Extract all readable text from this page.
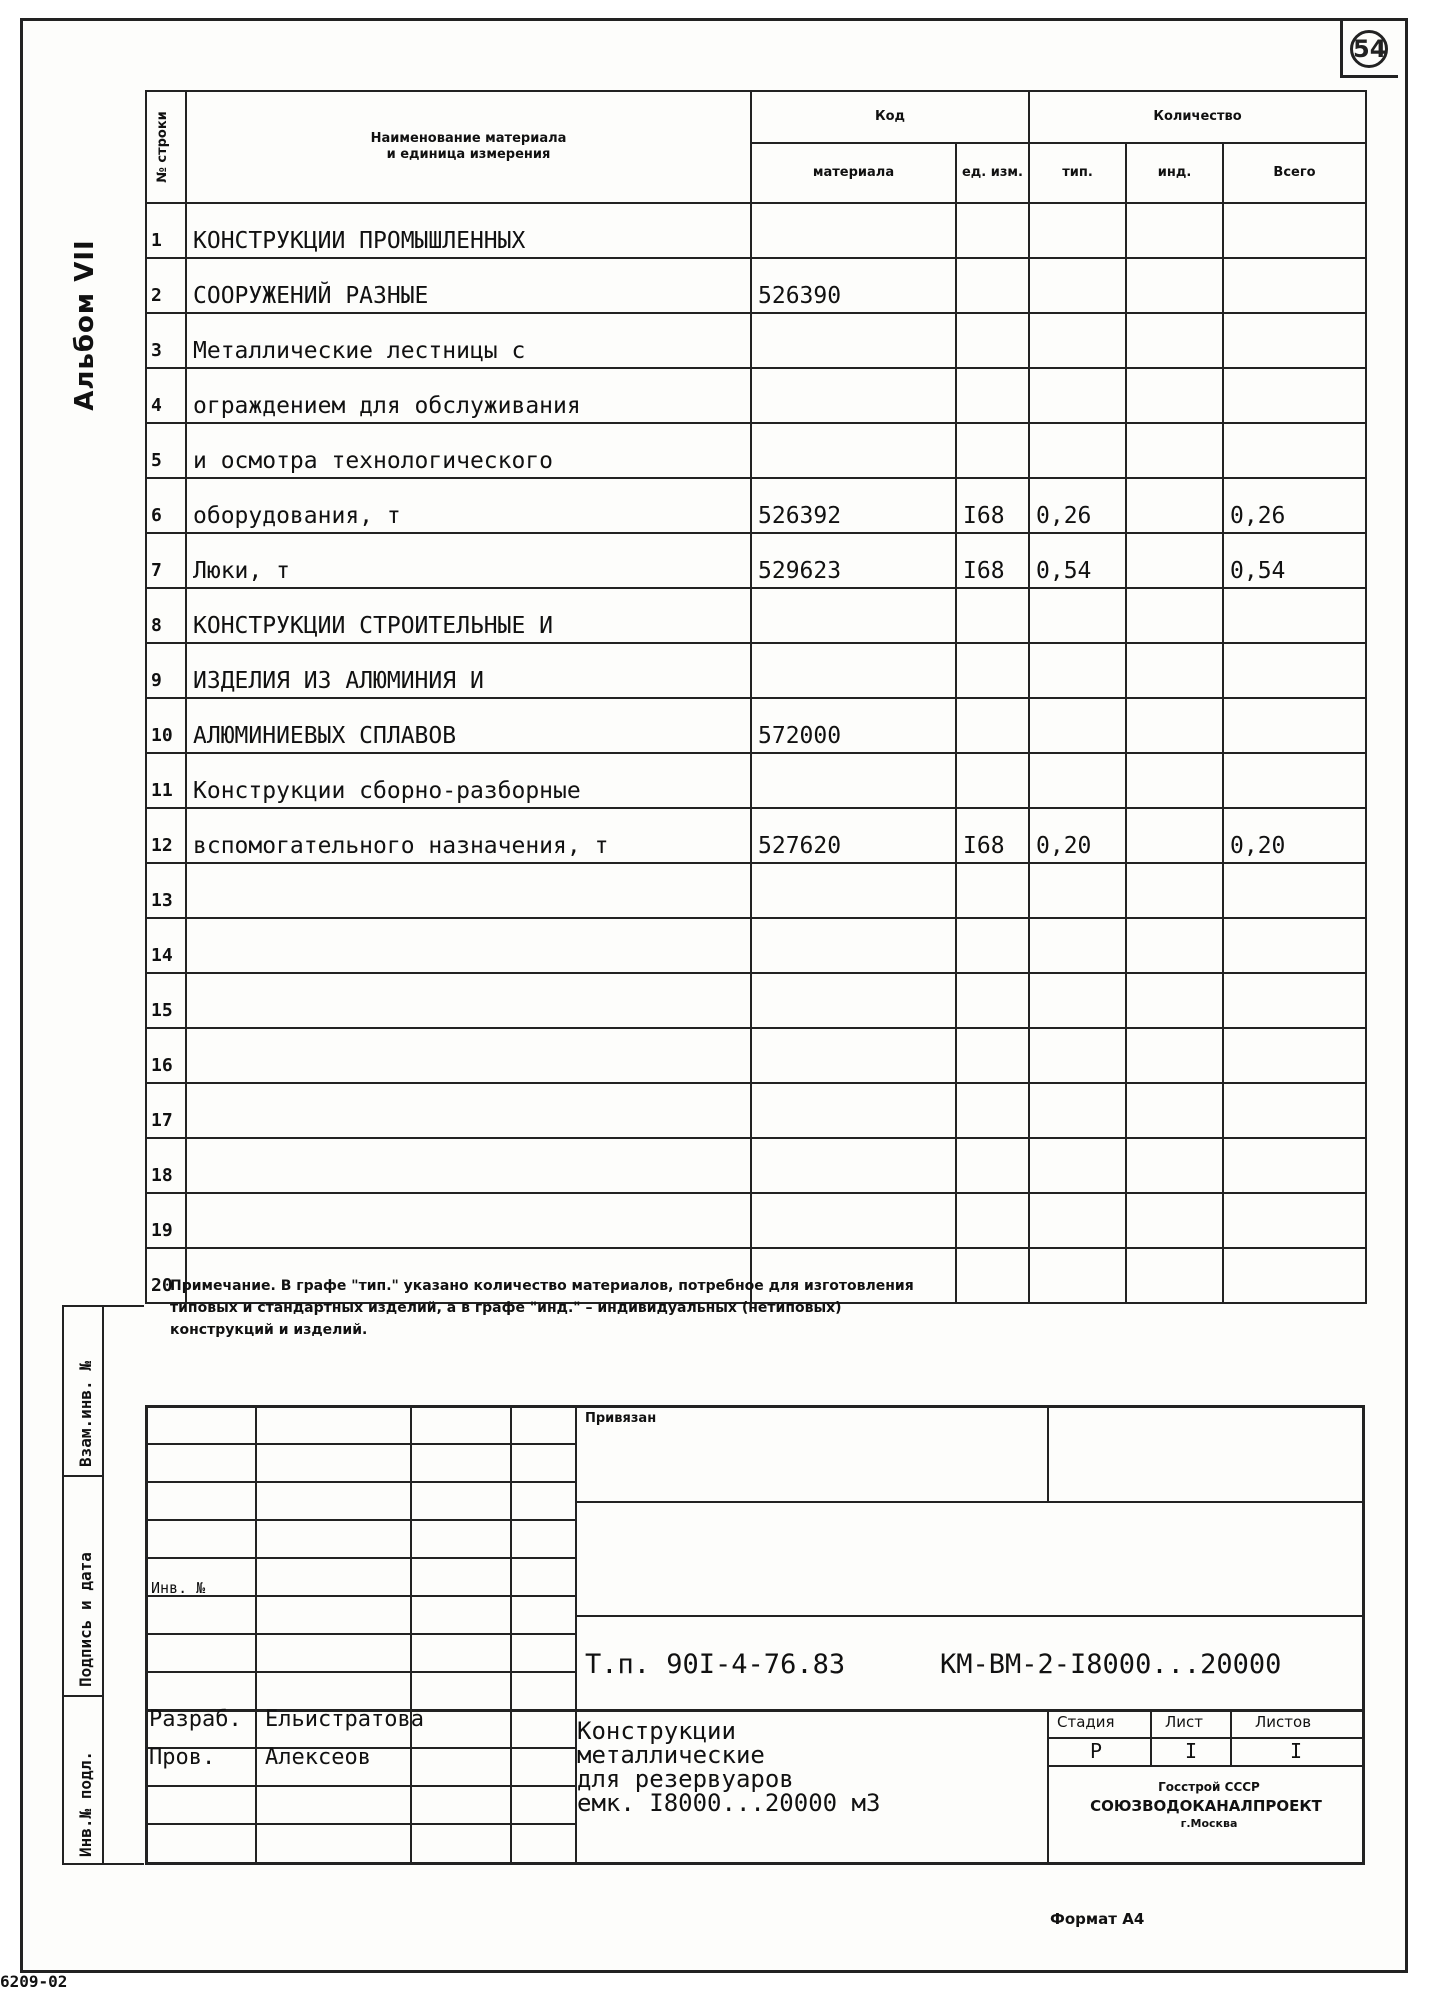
54
Альбом VII
№ строки	Наименование материала
и единица измерения	Код		Количество		
		материала	ед. изм.	тип.	инд.	Всего
1	КОНСТРУКЦИИ ПРОМЫШЛЕННЫХ					
2	СООРУЖЕНИЙ РАЗНЫЕ	526390				
3	Металлические лестницы с					
4	ограждением для обслуживания					
5	и осмотра технологического					
6	оборудования, т	526392	I68	0,26		0,26
7	Люки, т	529623	I68	0,54		0,54
8	КОНСТРУКЦИИ СТРОИТЕЛЬНЫЕ И					
9	ИЗДЕЛИЯ ИЗ АЛЮМИНИЯ И					
10	АЛЮМИНИЕВЫХ СПЛАВОВ	572000				
11	Конструкции сборно-разборные					
12	вспомогательного назначения, т	527620	I68	0,20		0,20
13						
14						
15						
16						
17						
18						
19						
20						
Примечание. В графе "тип." указано количество материалов, потребное для изготовления типовых и стандартных изделий, а в графе "инд." – индивидуальных (нетиповых) конструкций и изделий.
Взам.инв. №
Подпись и дата
Инв.№ подл.
Привязан
Инв. №
Т.п. 90I-4-76.83	КМ-ВМ-2-I8000...20000
Разраб. Ельистратова
Пров. Алексеов
Конструкции
металлические
для резервуаров
емк. I8000...20000 м3
Стадия	Лист	Листов
Р	I	I
Госстрой СССР
СОЮЗВОДОКАНАЛПРОЕКТ
г.Москва
Формат А4
6209-02
